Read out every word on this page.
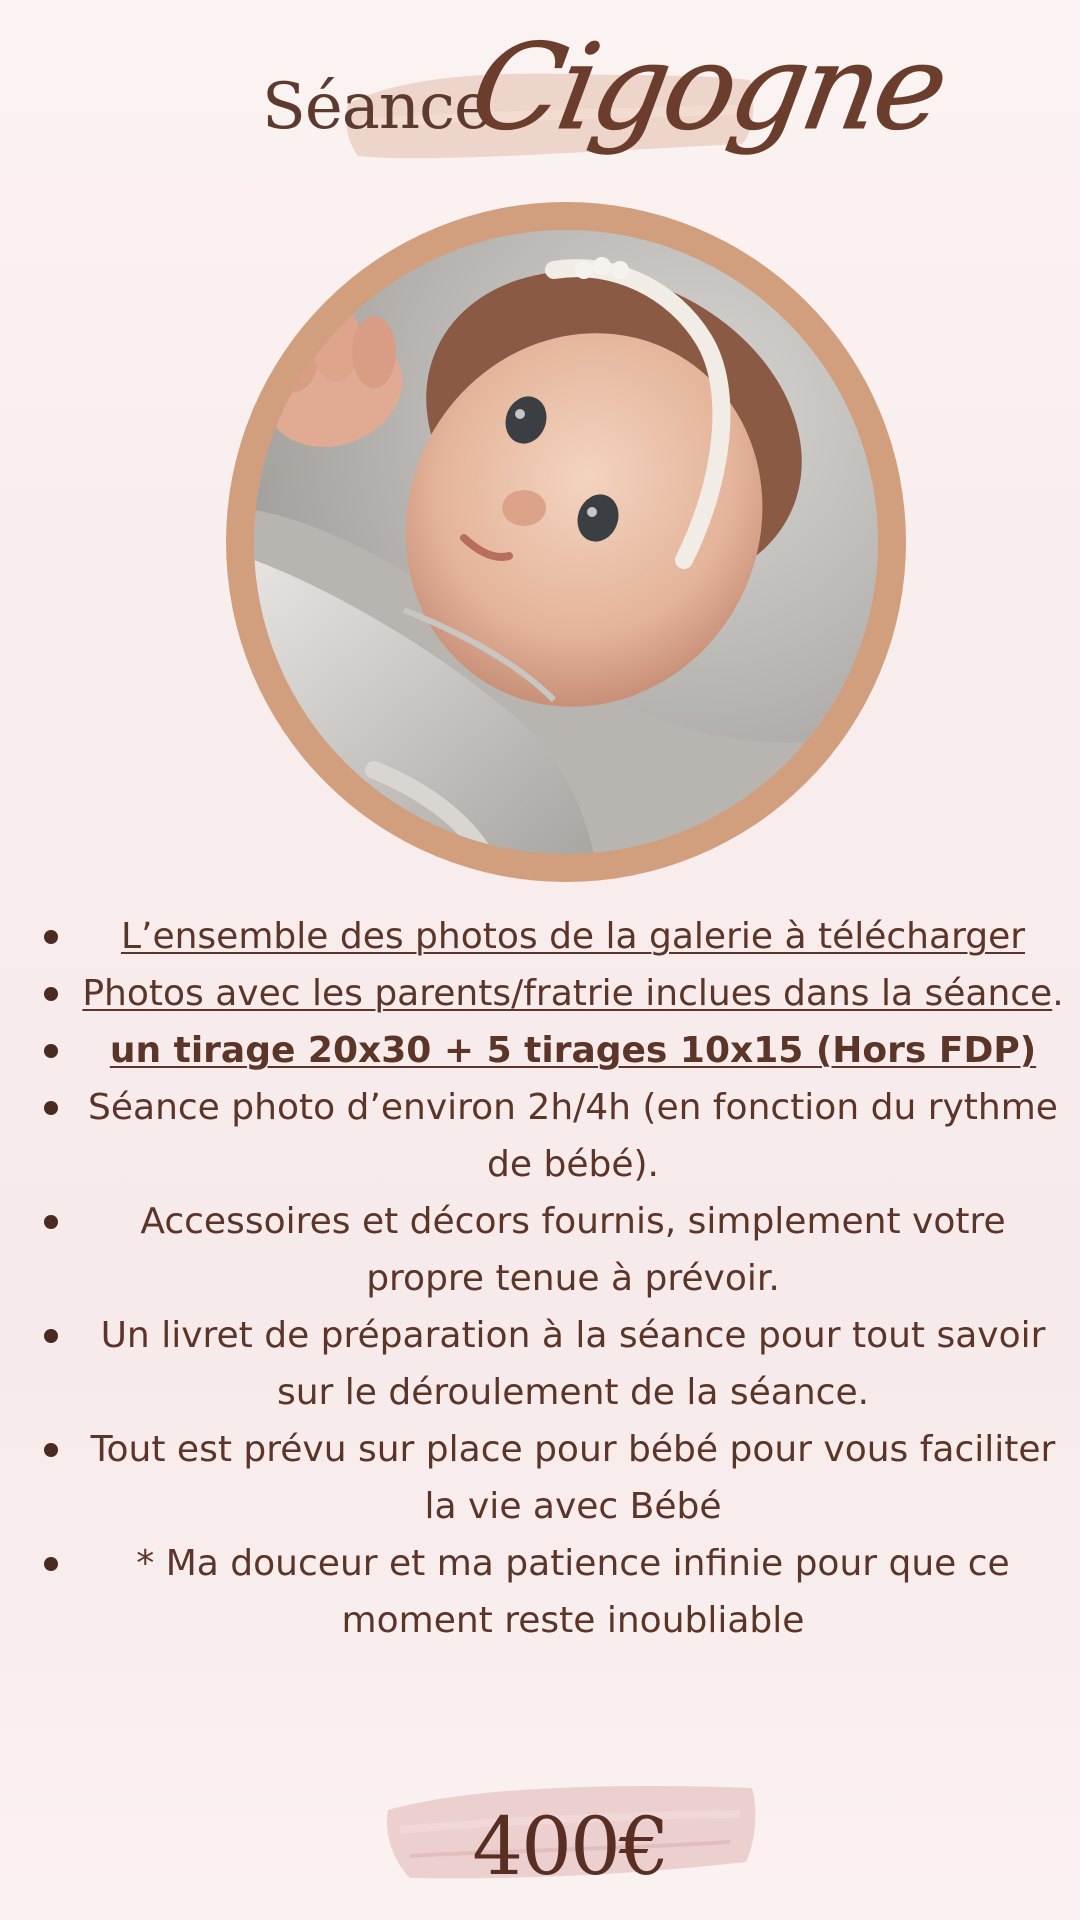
Séance
Cigogne
L’ensemble des photos de la galerie à télécharger
Photos avec les parents/fratrie inclues dans la séance.
un tirage 20x30 + 5 tirages 10x15 (Hors FDP)
Séance photo d’environ 2h/4h (en fonction du rythme de bébé).
Accessoires et décors fournis, simplement votre propre tenue à prévoir.
Un livret de préparation à la séance pour tout savoir sur le déroulement de la séance.
Tout est prévu sur place pour bébé pour vous faciliter la vie avec Bébé
* Ma douceur et ma patience infinie pour que ce moment reste inoubliable
400€
